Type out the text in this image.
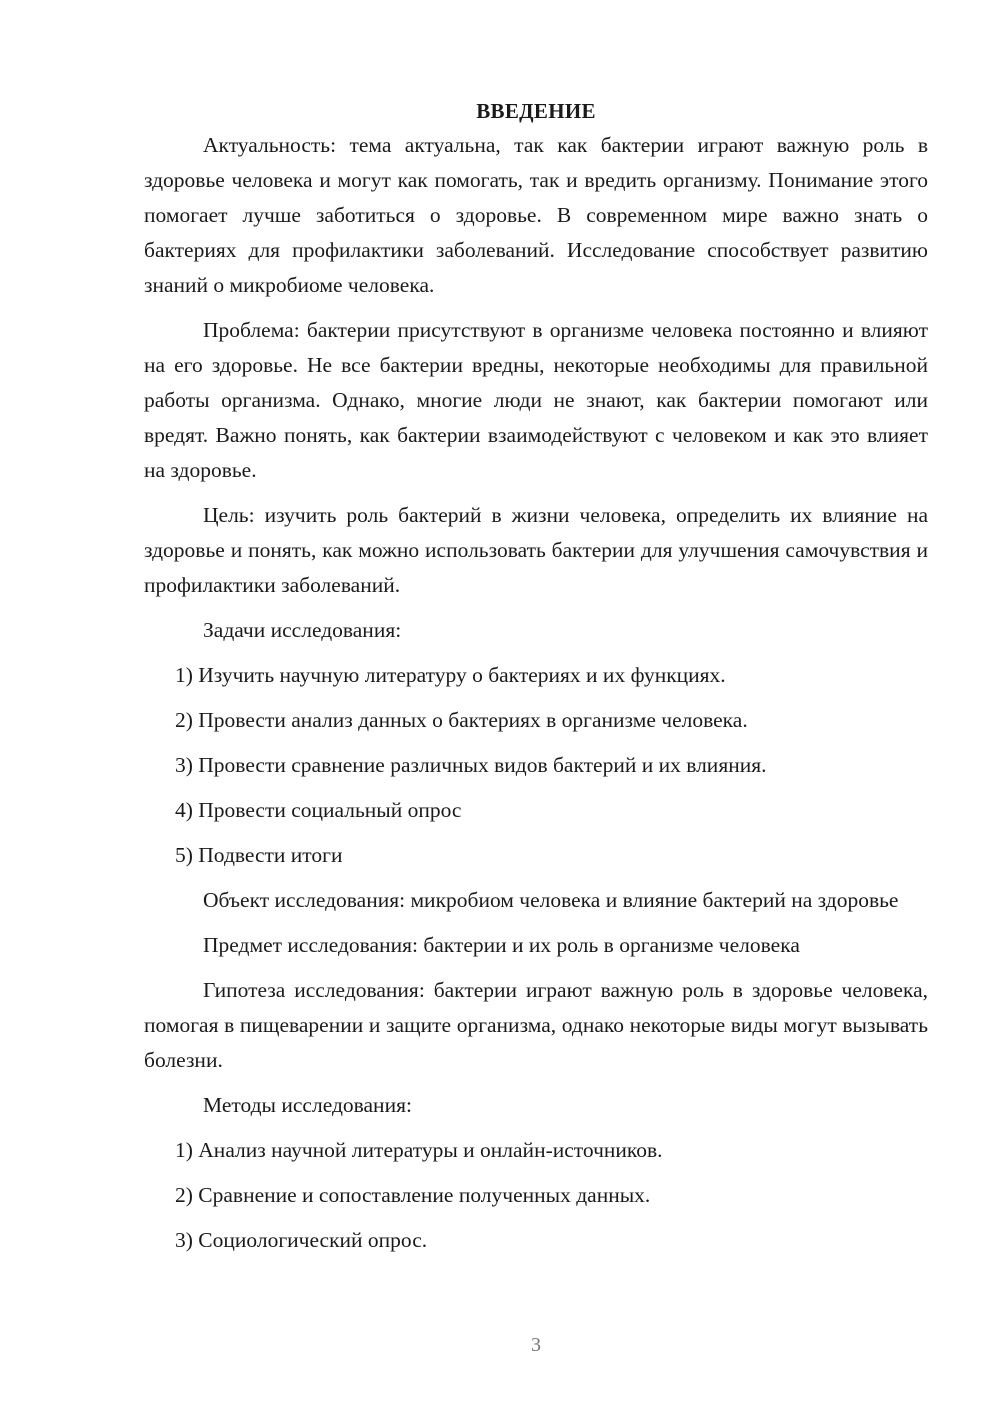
ВВЕДЕНИЕ

Актуальность: тема актуальна, так как бактерии играют важную роль в здоровье человека и могут как помогать, так и вредить организму. Понимание этого помогает лучше заботиться о здоровье. В современном мире важно знать о бактериях для профилактики заболеваний. Исследование способствует развитию знаний о микробиоме человека.

Проблема: бактерии присутствуют в организме человека постоянно и влияют на его здоровье. Не все бактерии вредны, некоторые необходимы для правильной работы организма. Однако, многие люди не знают, как бактерии помогают или вредят. Важно понять, как бактерии взаимодействуют с человеком и как это влияет на здоровье.

Цель: изучить роль бактерий в жизни человека, определить их влияние на здоровье и понять, как можно использовать бактерии для улучшения самочувствия и профилактики заболеваний.

Задачи исследования:
1) Изучить научную литературу о бактериях и их функциях.
2) Провести анализ данных о бактериях в организме человека.
3) Провести сравнение различных видов бактерий и их влияния.
4) Провести социальный опрос
5) Подвести итоги

Объект исследования: микробиом человека и влияние бактерий на здоровье

Предмет исследования: бактерии и их роль в организме человека

Гипотеза исследования: бактерии играют важную роль в здоровье человека, помогая в пищеварении и защите организма, однако некоторые виды могут вызывать болезни.

Методы исследования:
1) Анализ научной литературы и онлайн-источников.
2) Сравнение и сопоставление полученных данных.
3) Социологический опрос.
3
